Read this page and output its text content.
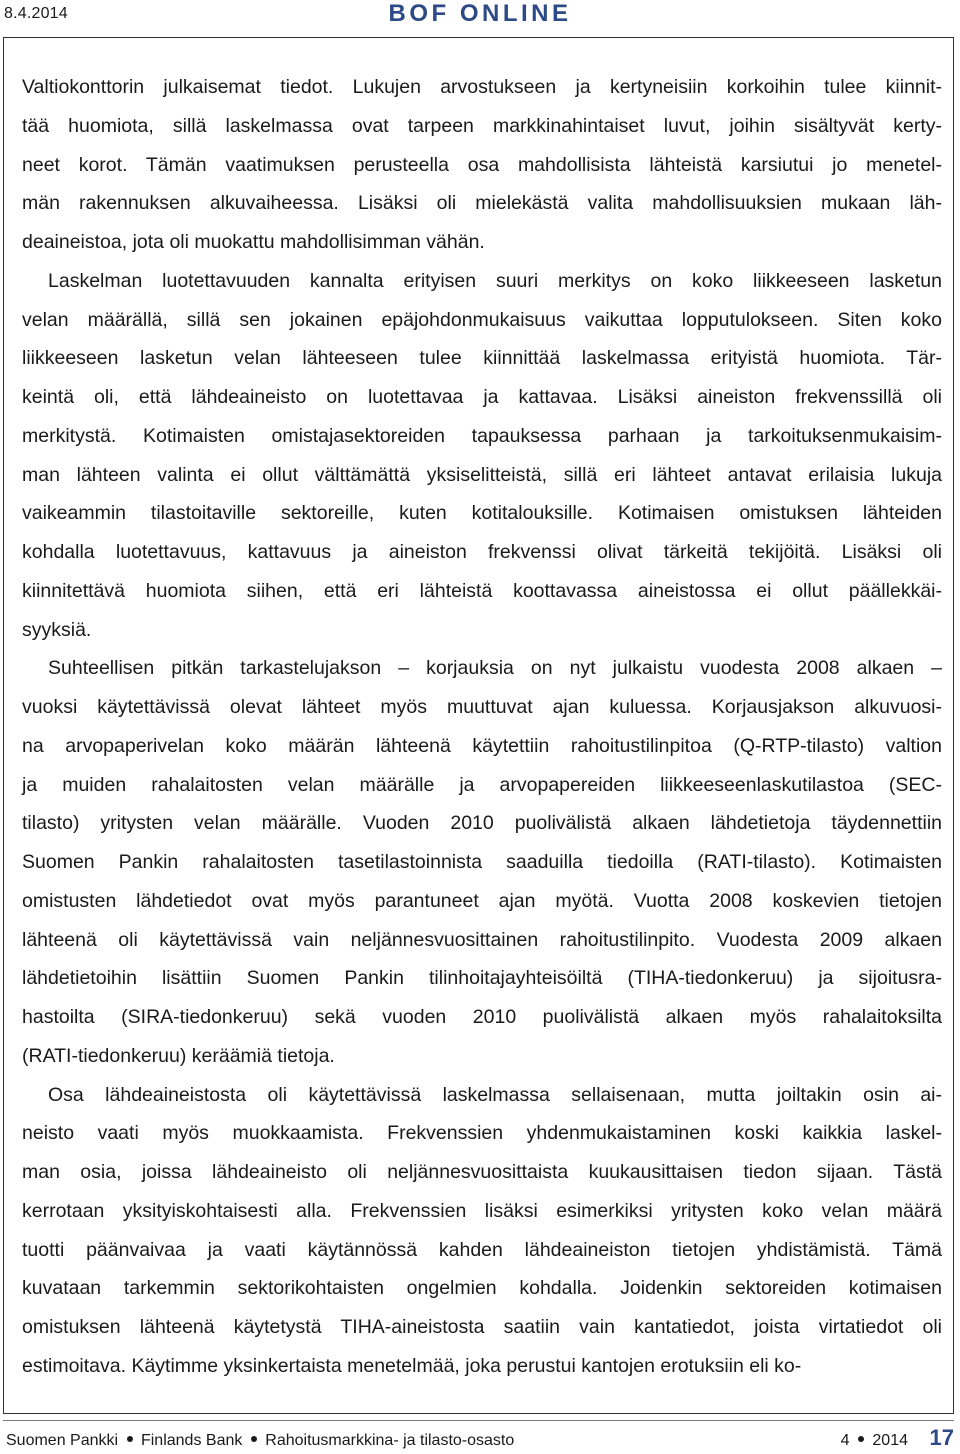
8.4.2014	BOF ONLINE

Valtiokonttorin julkaisemat tiedot. Lukujen arvostukseen ja kertyneisiin korkoihin tulee kiinnit-
tää huomiota, sillä laskelmassa ovat tarpeen markkinahintaiset luvut, joihin sisältyvät kerty-
neet korot. Tämän vaatimuksen perusteella osa mahdollisista lähteistä karsiutui jo menetel-
män rakennuksen alkuvaiheessa. Lisäksi oli mielekästä valita mahdollisuuksien mukaan läh-
deaineistoa, jota oli muokattu mahdollisimman vähän.

Laskelman luotettavuuden kannalta erityisen suuri merkitys on koko liikkeeseen lasketun
velan määrällä, sillä sen jokainen epäjohdonmukaisuus vaikuttaa lopputulokseen. Siten koko
liikkeeseen lasketun velan lähteeseen tulee kiinnittää laskelmassa erityistä huomiota. Tär-
keintä oli, että lähdeaineisto on luotettavaa ja kattavaa. Lisäksi aineiston frekvenssillä oli
merkitystä. Kotimaisten omistajasektoreiden tapauksessa parhaan ja tarkoituksenmukaisim-
man lähteen valinta ei ollut välttämättä yksiselitteistä, sillä eri lähteet antavat erilaisia lukuja
vaikeammin tilastoitaville sektoreille, kuten kotitalouksille. Kotimaisen omistuksen lähteiden
kohdalla luotettavuus, kattavuus ja aineiston frekvenssi olivat tärkeitä tekijöitä. Lisäksi oli
kiinnitettävä huomiota siihen, että eri lähteistä koottavassa aineistossa ei ollut päällekkäi-
syyksiä.

Suhteellisen pitkän tarkastelujakson – korjauksia on nyt julkaistu vuodesta 2008 alkaen –
vuoksi käytettävissä olevat lähteet myös muuttuvat ajan kuluessa. Korjausjakson alkuvuosi-
na arvopaperivelan koko määrän lähteenä käytettiin rahoitustilinpitoa (Q-RTP-tilasto) valtion
ja muiden rahalaitosten velan määrälle ja arvopapereiden liikkeeseenlaskutilastoa (SEC-
tilasto) yritysten velan määrälle. Vuoden 2010 puolivälistä alkaen lähdetietoja täydennettiin
Suomen Pankin rahalaitosten tasetilastoinnista saaduilla tiedoilla (RATI-tilasto). Kotimaisten
omistusten lähdetiedot ovat myös parantuneet ajan myötä. Vuotta 2008 koskevien tietojen
lähteenä oli käytettävissä vain neljännesvuosittainen rahoitustilinpito. Vuodesta 2009 alkaen
lähdetietoihin lisättiin Suomen Pankin tilinhoitajayhteisöiltä (TIHA-tiedonkeruu) ja sijoitusra-
hastoilta (SIRA-tiedonkeruu) sekä vuoden 2010 puolivälistä alkaen myös rahalaitoksilta
(RATI-tiedonkeruu) keräämiä tietoja.

Osa lähdeaineistosta oli käytettävissä laskelmassa sellaisenaan, mutta joiltakin osin ai-
neisto vaati myös muokkaamista. Frekvenssien yhdenmukaistaminen koski kaikkia laskel-
man osia, joissa lähdeaineisto oli neljännesvuosittaista kuukausittaisen tiedon sijaan. Tästä
kerrotaan yksityiskohtaisesti alla. Frekvenssien lisäksi esimerkiksi yritysten koko velan määrä
tuotti päänvaivaa ja vaati käytännössä kahden lähdeaineiston tietojen yhdistämistä. Tämä
kuvataan tarkemmin sektorikohtaisten ongelmien kohdalla. Joidenkin sektoreiden kotimaisen
omistuksen lähteenä käytetystä TIHA-aineistosta saatiin vain kantatiedot, joista virtatiedot oli
estimoitava. Käytimme yksinkertaista menetelmää, joka perustui kantojen erotuksiin eli ko-

Suomen Pankki Finlands Bank Rahoitusmarkkina- ja tilasto-osasto	4 2014 17
